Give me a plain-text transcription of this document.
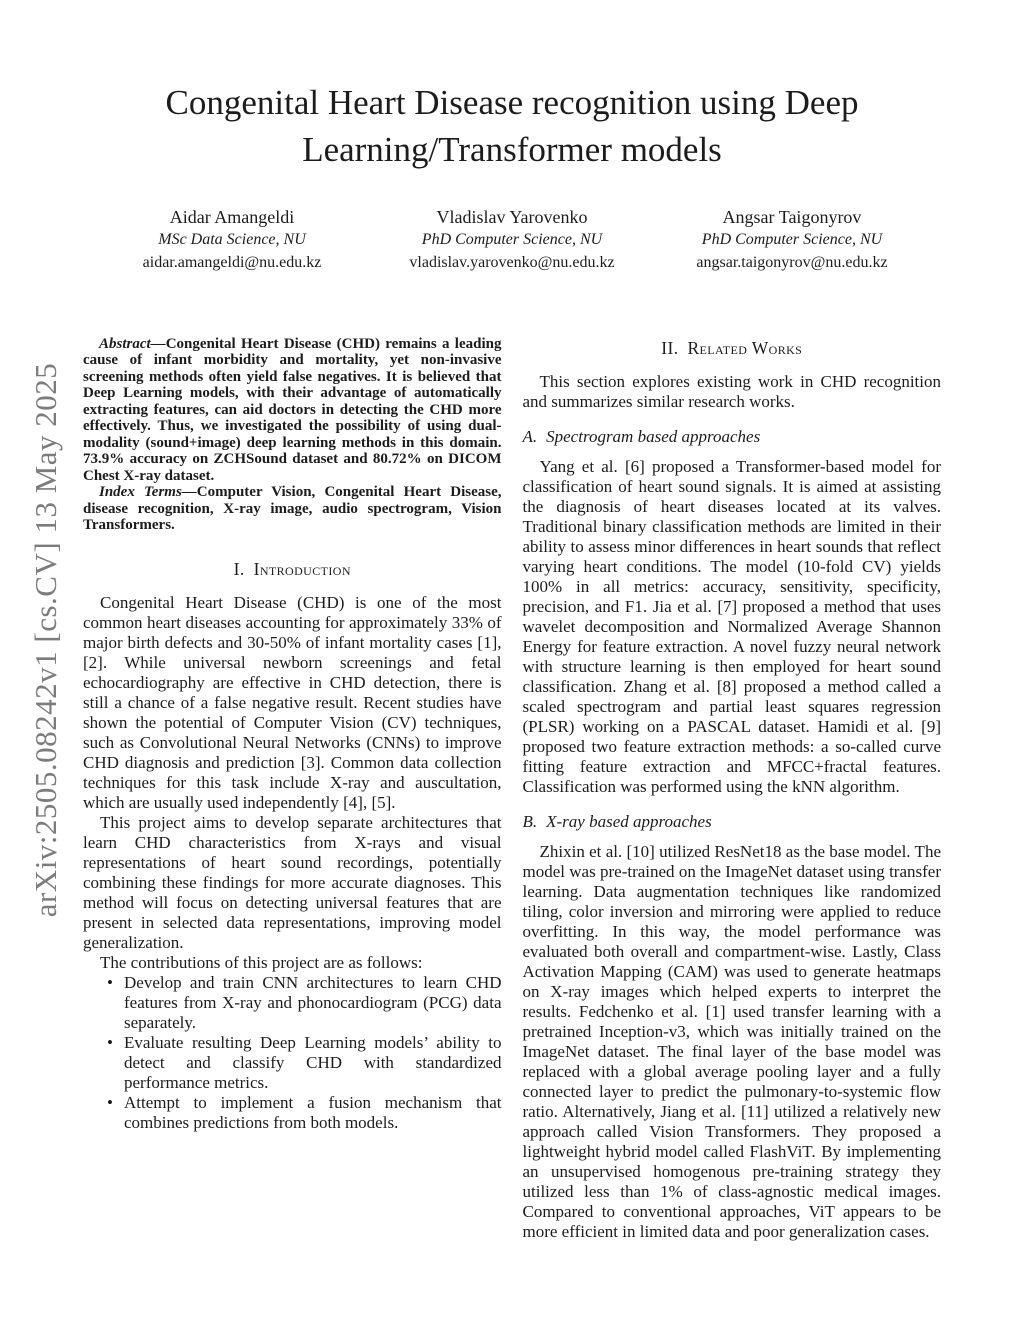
arXiv:2505.08242v1 [cs.CV] 13 May 2025
Congenital Heart Disease recognition using Deep Learning/Transformer models
Aidar Amangeldi
MSc Data Science, NU
aidar.amangeldi@nu.edu.kz
Vladislav Yarovenko
PhD Computer Science, NU
vladislav.yarovenko@nu.edu.kz
Angsar Taigonyrov
PhD Computer Science, NU
angsar.taigonyrov@nu.edu.kz

Abstract—Congenital Heart Disease (CHD) remains a leading cause of infant morbidity and mortality, yet non-invasive screening methods often yield false negatives. It is believed that Deep Learning models, with their advantage of automatically extracting features, can aid doctors in detecting the CHD more effectively. Thus, we investigated the possibility of using dual-modality (sound+image) deep learning methods in this domain. 73.9% accuracy on ZCHSound dataset and 80.72% on DICOM Chest X-ray dataset.

Index Terms—Computer Vision, Congenital Heart Disease, disease recognition, X-ray image, audio spectrogram, Vision Transformers.

I. Introduction

Congenital Heart Disease (CHD) is one of the most common heart diseases accounting for approximately 33% of major birth defects and 30-50% of infant mortality cases [1], [2]. While universal newborn screenings and fetal echocardiography are effective in CHD detection, there is still a chance of a false negative result. Recent studies have shown the potential of Computer Vision (CV) techniques, such as Convolutional Neural Networks (CNNs) to improve CHD diagnosis and prediction [3]. Common data collection techniques for this task include X-ray and auscultation, which are usually used independently [4], [5].

This project aims to develop separate architectures that learn CHD characteristics from X-rays and visual representations of heart sound recordings, potentially combining these findings for more accurate diagnoses. This method will focus on detecting universal features that are present in selected data representations, improving model generalization.

The contributions of this project are as follows:

• Develop and train CNN architectures to learn CHD features from X-ray and phonocardiogram (PCG) data separately.
• Evaluate resulting Deep Learning models’ ability to detect and classify CHD with standardized performance metrics.
• Attempt to implement a fusion mechanism that combines predictions from both models.
II. Related Works

This section explores existing work in CHD recognition and summarizes similar research works.

A. Spectrogram based approaches

Yang et al. [6] proposed a Transformer-based model for classification of heart sound signals. It is aimed at assisting the diagnosis of heart diseases located at its valves. Traditional binary classification methods are limited in their ability to assess minor differences in heart sounds that reflect varying heart conditions. The model (10-fold CV) yields 100% in all metrics: accuracy, sensitivity, specificity, precision, and F1. Jia et al. [7] proposed a method that uses wavelet decomposition and Normalized Average Shannon Energy for feature extraction. A novel fuzzy neural network with structure learning is then employed for heart sound classification. Zhang et al. [8] proposed a method called a scaled spectrogram and partial least squares regression (PLSR) working on a PASCAL dataset. Hamidi et al. [9] proposed two feature extraction methods: a so-called curve fitting feature extraction and MFCC+fractal features. Classification was performed using the kNN algorithm.

B. X-ray based approaches

Zhixin et al. [10] utilized ResNet18 as the base model. The model was pre-trained on the ImageNet dataset using transfer learning. Data augmentation techniques like randomized tiling, color inversion and mirroring were applied to reduce overfitting. In this way, the model performance was evaluated both overall and compartment-wise. Lastly, Class Activation Mapping (CAM) was used to generate heatmaps on X-ray images which helped experts to interpret the results. Fedchenko et al. [1] used transfer learning with a pretrained Inception-v3, which was initially trained on the ImageNet dataset. The final layer of the base model was replaced with a global average pooling layer and a fully connected layer to predict the pulmonary-to-systemic flow ratio. Alternatively, Jiang et al. [11] utilized a relatively new approach called Vision Transformers. They proposed a lightweight hybrid model called FlashViT. By implementing an unsupervised homogenous pre-training strategy they utilized less than 1% of class-agnostic medical images. Compared to conventional approaches, ViT appears to be more efficient in limited data and poor generalization cases.
